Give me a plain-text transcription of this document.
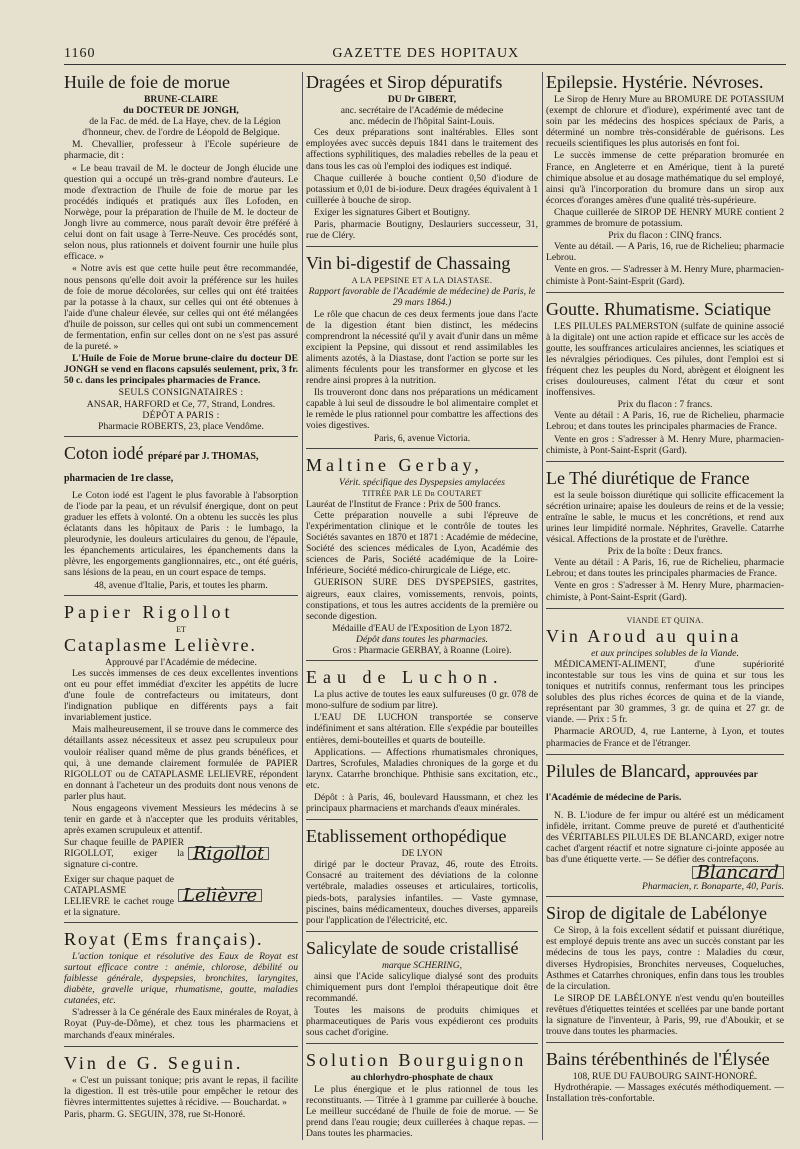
1160	GAZETTE DES HOPITAUX
Huile de foie de morue
BRUNE-CLAIRE
du DOCTEUR DE JONGH,

de la Fac. de méd. de La Haye, chev. de la Légion d'honneur, chev. de l'ordre de Léopold de Belgique.

M. Chevallier, professeur à l'Ecole supérieure de pharmacie, dit :

« Le beau travail de M. le docteur de Jongh élucide une question qui a occupé un très-grand nombre d'auteurs. Le mode d'extraction de l'huile de foie de morue par les procédés indiqués et pratiqués aux îles Lofoden, en Norwège, pour la préparation de l'huile de M. le docteur de Jongh livre au commerce, nous paraît devoir être préféré à celui dont on fait usage à Terre-Neuve. Ces procédés sont, selon nous, plus rationnels et doivent fournir une huile plus efficace. »

« Notre avis est que cette huile peut être recommandée, nous pensons qu'elle doit avoir la préférence sur les huiles de foie de morue décolorées, sur celles qui ont été traitées par la potasse à la chaux, sur celles qui ont été obtenues à l'aide d'une chaleur élevée, sur celles qui ont été mélangées d'huile de poisson, sur celles qui ont subi un commencement de fermentation, enfin sur celles dont on ne s'est pas assuré de la pureté. »

L'Huile de Foie de Morue brune-claire du docteur DE JONGH se vend en flacons capsulés seulement, prix, 3 fr. 50 c. dans les principales pharmacies de France.

SEULS CONSIGNATAIRES :
ANSAR, HARFORD et Ce, 77, Strand, Londres.
DÉPÔT A PARIS :
Pharmacie ROBERTS, 23, place Vendôme.
Coton iodé préparé par J. THOMAS, pharmacien de 1re classe,

Le Coton iodé est l'agent le plus favorable à l'absorption de l'iode par la peau, et un révulsif énergique, dont on peut graduer les effets à volonté. On a obtenu les succès les plus éclatants dans les hôpitaux de Paris : le lumbago, la pleurodynie, les douleurs articulaires du genou, de l'épaule, les épanchements articulaires, les épanchements dans la plèvre, les engorgements ganglionnaires, etc., ont été guéris, sans lésions de la peau, en un court espace de temps.

48, avenue d'Italie, Paris, et toutes les pharm.
Papier Rigollot
ET
Cataplasme Lelièvre.
Approuvé par l'Académie de médecine.

Les succès immenses de ces deux excellentes inventions ont eu pour effet immédiat d'exciter les appétits de lucre d'une foule de contrefacteurs ou imitateurs, dont l'indignation publique en différents pays a fait invariablement justice.

Mais malheureusement, il se trouve dans le commerce des détaillants assez nécessiteux et assez peu scrupuleux pour vouloir réaliser quand même de plus grands bénéfices, et qui, à une demande clairement formulée de PAPIER RIGOLLOT ou de CATAPLASME LELIEVRE, répondent en donnant à l'acheteur un des produits dont nous venons de parler plus haut.

Nous engageons vivement Messieurs les médecins à se tenir en garde et à n'accepter que les produits véritables, après examen scrupuleux et attentif.

Sur chaque feuille de PAPIER RIGOLLOT, exiger la signature ci-contre.
Rigollot
Exiger sur chaque paquet de CATAPLASME LELIEVRE le cachet rouge et la signature.
Lelièvre
Royat (Ems français).

L'action tonique et résolutive des Eaux de Royat est surtout efficace contre : anémie, chlorose, débilité ou faiblesse générale, dyspepsies, bronchites, laryngites, diabète, gravelle urique, rhumatisme, goutte, maladies cutanées, etc.

S'adresser à la Ce générale des Eaux minérales de Royat, à Royat (Puy-de-Dôme), et chez tous les pharmaciens et marchands d'eaux minérales.

Vin de G. Seguin.

« C'est un puissant tonique; pris avant le repas, il facilite la digestion. Il est très-utile pour empêcher le retour des fièvres intermittentes sujettes à récidive. — Bouchardat. »

Paris, pharm. G. SEGUIN, 378, rue St-Honoré.
Dragées et Sirop dépuratifs
DU Dr GIBERT,
anc. secrétaire de l'Académie de médecine
anc. médecin de l'hôpital Saint-Louis.

Ces deux préparations sont inaltérables. Elles sont employées avec succès depuis 1841 dans le traitement des affections syphilitiques, des maladies rebelles de la peau et dans tous les cas où l'emploi des iodiques est indiqué.

Chaque cuillerée à bouche contient 0,50 d'iodure de potassium et 0,01 de bi-iodure. Deux dragées équivalent à 1 cuillerée à bouche de sirop.

Exiger les signatures Gibert et Boutigny.

Paris, pharmacie Boutigny, Deslauriers successeur, 31, rue de Cléry.

Vin bi-digestif de Chassaing
A LA PEPSINE ET A LA DIASTASE.
Rapport favorable de l'Académie de médecine) de Paris, le 29 mars 1864.)

Le rôle que chacun de ces deux ferments joue dans l'acte de la digestion étant bien distinct, les médecins comprendront la nécessité qu'il y avait d'unir dans un même excipient la Pepsine, qui dissout et rend assimilables les aliments azotés, à la Diastase, dont l'action se porte sur les aliments féculents pour les transformer en glycose et les rendre ainsi propres à la nutrition.

Ils trouveront donc dans nos préparations un médicament capable à lui seul de dissoudre le bol alimentaire complet et le remède le plus rationnel pour combattre les affections des voies digestives.

Paris, 6, avenue Victoria.
Maltine Gerbay,
Vérit. spécifique des Dyspepsies amylacées
TITRÉE PAR LE Dr COUTARET
Lauréat de l'Institut de France : Prix de 500 francs.

Cette préparation nouvelle a subi l'épreuve de l'expérimentation clinique et le contrôle de toutes les Sociétés savantes en 1870 et 1871 : Académie de médecine, Société des sciences médicales de Lyon, Académie des sciences de Paris, Société académique de la Loire-Inférieure, Société médico-chirurgicale de Liége, etc.

GUERISON SURE DES DYSPEPSIES, gastrites, aigreurs, eaux claires, vomissements, renvois, points, constipations, et tous les autres accidents de la première ou seconde digestion.

Médaille d'EAU de l'Exposition de Lyon 1872.
Dépôt dans toutes les pharmacies.
Gros : Pharmacie GERBAY, à Roanne (Loire).
Eau de Luchon.

La plus active de toutes les eaux sulfureuses (0 gr. 078 de mono-sulfure de sodium par litre).

L'EAU DE LUCHON transportée se conserve indéfiniment et sans altération. Elle s'expédie par bouteilles entières, demi-bouteilles et quarts de bouteille.

Applications. — Affections rhumatismales chroniques, Dartres, Scrofules, Maladies chroniques de la gorge et du larynx. Catarrhe bronchique. Phthisie sans excitation, etc., etc.

Dépôt : à Paris, 46, boulevard Haussmann, et chez les principaux pharmaciens et marchands d'eaux minérales.

Etablissement orthopédique
DE LYON

dirigé par le docteur Pravaz, 46, route des Etroits. Consacré au traitement des déviations de la colonne vertébrale, maladies osseuses et articulaires, torticolis, pieds-bots, paralysies infantiles. — Vaste gymnase, piscines, bains médicamenteux, douches diverses, appareils pour l'application de l'électricité, etc.

Salicylate de soude cristallisé
marque SCHERING,

ainsi que l'Acide salicylique dialysé sont des produits chimiquement purs dont l'emploi thérapeutique doit être recommandé.

Toutes les maisons de produits chimiques et pharmaceutiques de Paris vous expédieront ces produits sous cachet d'origine.

Solution Bourguignon
au chlorhydro-phosphate de chaux

Le plus énergique et le plus rationnel de tous les reconstituants. — Titrée à 1 gramme par cuillerée à bouche. Le meilleur succédané de l'huile de foie de morue. — Se prend dans l'eau rougie; deux cuillerées à chaque repas. — Dans toutes les pharmacies.

Epilepsie. Hystérie. Névroses.

Le Sirop de Henry Mure au BROMURE DE POTASSIUM (exempt de chlorure et d'iodure), expérimenté avec tant de soin par les médecins des hospices spéciaux de Paris, a déterminé un nombre très-considérable de guérisons. Les recueils scientifiques les plus autorisés en font foi.

Le succès immense de cette préparation bromurée en France, en Angleterre et en Amérique, tient à la pureté chimique absolue et au dosage mathématique du sel employé, ainsi qu'à l'incorporation du bromure dans un sirop aux écorces d'oranges amères d'une qualité très-supérieure.

Chaque cuillerée de SIROP DE HENRY MURE contient 2 grammes de bromure de potassium.

Prix du flacon : CINQ francs.

Vente au détail. — A Paris, 16, rue de Richelieu; pharmacie Lebrou.

Vente en gros. — S'adresser à M. Henry Mure, pharmacien-chimiste à Pont-Saint-Esprit (Gard).

Goutte. Rhumatisme. Sciatique

LES PILULES PALMERSTON (sulfate de quinine associé à la digitale) ont une action rapide et efficace sur les accès de goutte, les souffrances articulaires anciennes, les sciatiques et les névralgies périodiques. Ces pilules, dont l'emploi est si fréquent chez les peuples du Nord, abrègent et éloignent les crises douloureuses, calment l'état du cœur et sont inoffensives.

Prix du flacon : 7 francs.

Vente au détail : A Paris, 16, rue de Richelieu, pharmacie Lebrou; et dans toutes les principales pharmacies de France.

Vente en gros : S'adresser à M. Henry Mure, pharmacien-chimiste, à Pont-Saint-Esprit (Gard).

Le Thé diurétique de France

est la seule boisson diurétique qui sollicite efficacement la sécrétion urinaire; apaise les douleurs de reins et de la vessie; entraîne le sable, le mucus et les concrétions, et rend aux urines leur limpidité normale. Néphrites, Gravelle. Catarrhe vésical. Affections de la prostate et de l'urèthre.

Prix de la boîte : Deux francs.

Vente au détail : A Paris, 16, rue de Richelieu, pharmacie Lebrou; et dans toutes les principales pharmacies de France.

Vente en gros : S'adresser à M. Henry Mure, pharmacien-chimiste, à Pont-Saint-Esprit (Gard).

VIANDE ET QUINA.
Vin Aroud au quina
et aux principes solubles de la Viande.

MÉDICAMENT-ALIMENT, d'une supériorité incontestable sur tous les vins de quina et sur tous les toniques et nutritifs connus, renfermant tous les principes solubles des plus riches écorces de quina et de la viande, représentant par 30 grammes, 3 gr. de quina et 27 gr. de viande. — Prix : 5 fr.

Pharmacie AROUD, 4, rue Lanterne, à Lyon, et toutes pharmacies de France et de l'étranger.

Pilules de Blancard, approuvées par l'Académie de médecine de Paris.

N. B. L'iodure de fer impur ou altéré est un médicament infidèle, irritant. Comme preuve de pureté et d'authenticité des VÉRITABLES PILULES DE BLANCARD, exiger notre cachet d'argent réactif et notre signature ci-jointe apposée au bas d'une étiquette verte. — Se défier des contrefaçons.

Blancard
Pharmacien, r. Bonaparte, 40, Paris.
Sirop de digitale de Labélonye

Ce Sirop, à la fois excellent sédatif et puissant diurétique, est employé depuis trente ans avec un succès constant par les médecins de tous les pays, contre : Maladies du cœur, diverses Hydropisies, Bronchites nerveuses, Coqueluches, Asthmes et Catarrhes chroniques, enfin dans tous les troubles de la circulation.

Le SIROP DE LABÉLONYE n'est vendu qu'en bouteilles revêtues d'étiquettes teintées et scellées par une bande portant la signature de l'inventeur, à Paris, 99, rue d'Aboukir, et se trouve dans toutes les pharmacies.

Bains térébenthinés de l'Élysée
108, RUE DU FAUBOURG SAINT-HONORÉ.

Hydrothérapie. — Massages exécutés méthodiquement. — Installation très-confortable.
